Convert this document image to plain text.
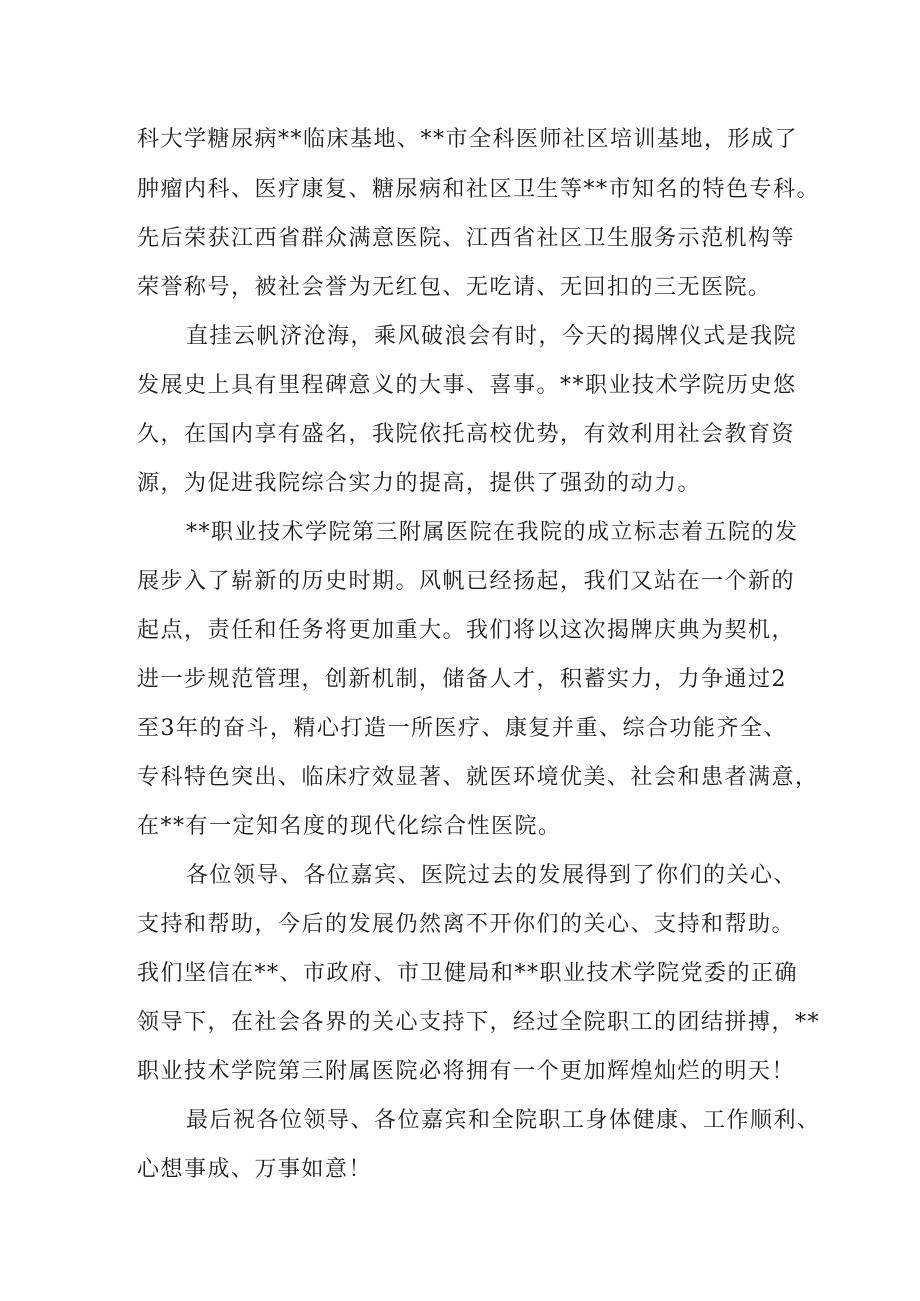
科大学糖尿病**临床基地、**市全科医师社区培训基地，形成了
肿瘤内科、医疗康复、糖尿病和社区卫生等**市知名的特色专科。
先后荣获江西省群众满意医院、江西省社区卫生服务示范机构等
荣誉称号，被社会誉为无红包、无吃请、无回扣的三无医院。
直挂云帆济沧海，乘风破浪会有时，今天的揭牌仪式是我院
发展史上具有里程碑意义的大事、喜事。**职业技术学院历史悠
久，在国内享有盛名，我院依托高校优势，有效利用社会教育资
源，为促进我院综合实力的提高，提供了强劲的动力。
**职业技术学院第三附属医院在我院的成立标志着五院的发
展步入了崭新的历史时期。风帆已经扬起，我们又站在一个新的
起点，责任和任务将更加重大。我们将以这次揭牌庆典为契机，
进一步规范管理，创新机制，储备人才，积蓄实力，力争通过2
至3年的奋斗，精心打造一所医疗、康复并重、综合功能齐全、
专科特色突出、临床疗效显著、就医环境优美、社会和患者满意，
在**有一定知名度的现代化综合性医院。
各位领导、各位嘉宾、医院过去的发展得到了你们的关心、
支持和帮助，今后的发展仍然离不开你们的关心、支持和帮助。
我们坚信在**、市政府、市卫健局和**职业技术学院党委的正确
领导下，在社会各界的关心支持下，经过全院职工的团结拼搏，**
职业技术学院第三附属医院必将拥有一个更加辉煌灿烂的明天！
最后祝各位领导、各位嘉宾和全院职工身体健康、工作顺利、
心想事成、万事如意！
